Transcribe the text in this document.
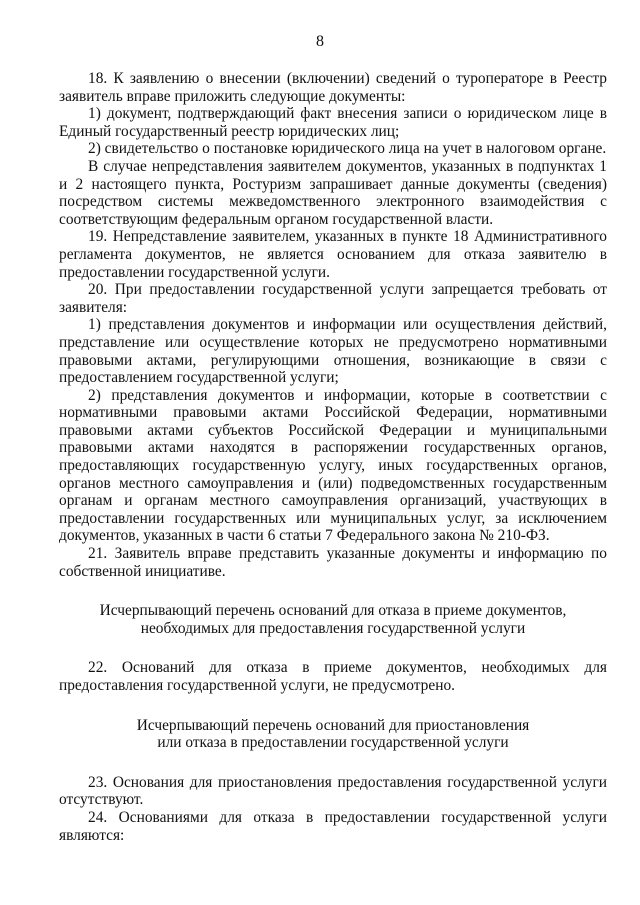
8

18. К заявлению о внесении (включении) сведений о туроператоре в Реестр заявитель вправе приложить следующие документы:

1) документ, подтверждающий факт внесения записи о юридическом лице в Единый государственный реестр юридических лиц;

2) свидетельство о постановке юридического лица на учет в налоговом органе.

В случае непредставления заявителем документов, указанных в подпунктах 1 и 2 настоящего пункта, Ростуризм запрашивает данные документы (сведения) посредством системы межведомственного электронного взаимодействия с соответствующим федеральным органом государственной власти.

19. Непредставление заявителем, указанных в пункте 18 Административного регламента документов, не является основанием для отказа заявителю в предоставлении государственной услуги.

20. При предоставлении государственной услуги запрещается требовать от заявителя:

1) представления документов и информации или осуществления действий, представление или осуществление которых не предусмотрено нормативными правовыми актами, регулирующими отношения, возникающие в связи с предоставлением государственной услуги;

2) представления документов и информации, которые в соответствии с нормативными правовыми актами Российской Федерации, нормативными правовыми актами субъектов Российской Федерации и муниципальными правовыми актами находятся в распоряжении государственных органов, предоставляющих государственную услугу, иных государственных органов, органов местного самоуправления и (или) подведомственных государственным органам и органам местного самоуправления организаций, участвующих в предоставлении государственных или муниципальных услуг, за исключением документов, указанных в части 6 статьи 7 Федерального закона № 210-ФЗ.

21. Заявитель вправе представить указанные документы и информацию по собственной инициативе.

Исчерпывающий перечень оснований для отказа в приеме документов,

необходимых для предоставления государственной услуги

22. Оснований для отказа в приеме документов, необходимых для предоставления государственной услуги, не предусмотрено.

Исчерпывающий перечень оснований для приостановления

или отказа в предоставлении государственной услуги

23. Основания для приостановления предоставления государственной услуги отсутствуют.

24. Основаниями для отказа в предоставлении государственной услуги являются:
